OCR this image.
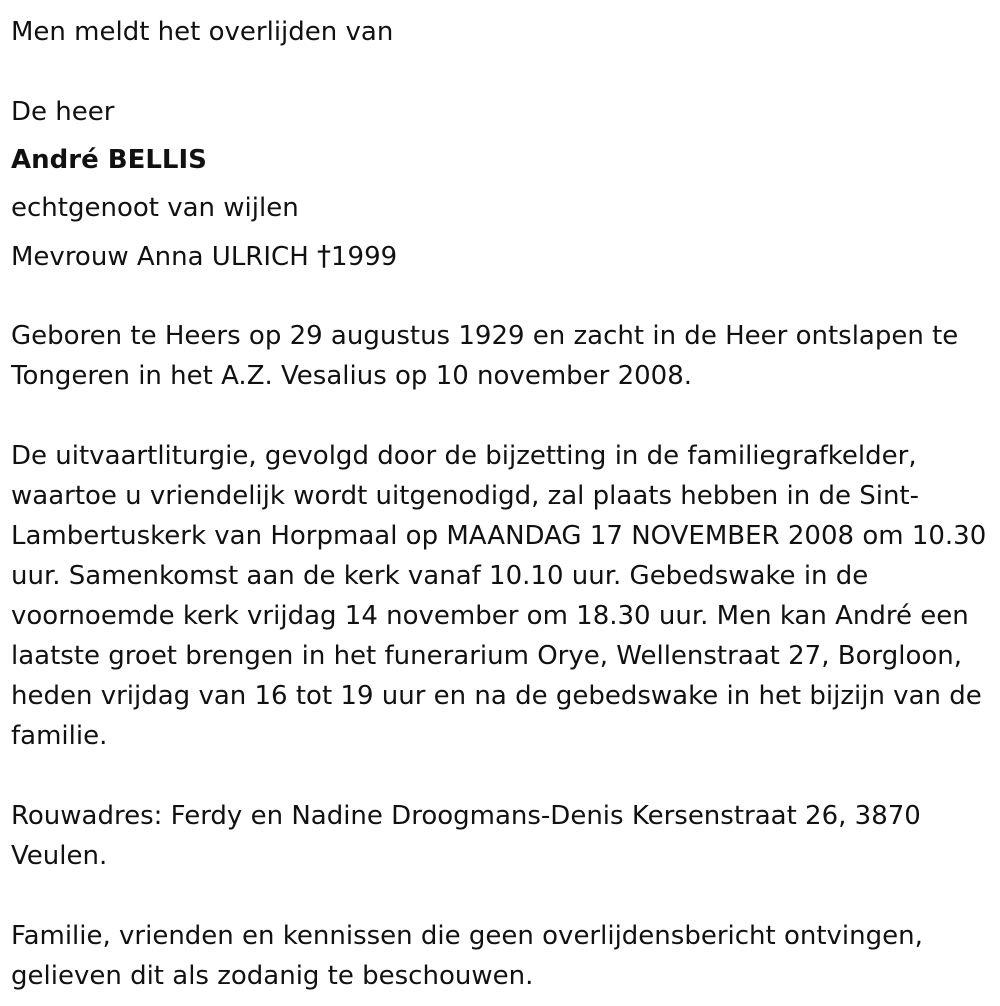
Men meldt het overlijden van

De heer

André BELLIS

echtgenoot van wijlen

Mevrouw Anna ULRICH †1999

Geboren te Heers op 29 augustus 1929 en zacht in de Heer ontslapen te Tongeren in het A.Z. Vesalius op 10 november 2008.

De uitvaartliturgie, gevolgd door de bijzetting in de familiegrafkelder, waartoe u vriendelijk wordt uitgenodigd, zal plaats hebben in de Sint-Lambertuskerk van Horpmaal op MAANDAG 17 NOVEMBER 2008 om 10.30 uur. Samenkomst aan de kerk vanaf 10.10 uur. Gebedswake in de voornoemde kerk vrijdag 14 november om 18.30 uur. Men kan André een laatste groet brengen in het funerarium Orye, Wellenstraat 27, Borgloon, heden vrijdag van 16 tot 19 uur en na de gebedswake in het bijzijn van de familie.

Rouwadres: Ferdy en Nadine Droogmans-Denis Kersenstraat 26, 3870 Veulen.

Familie, vrienden en kennissen die geen overlijdensbericht ontvingen, gelieven dit als zodanig te beschouwen.
